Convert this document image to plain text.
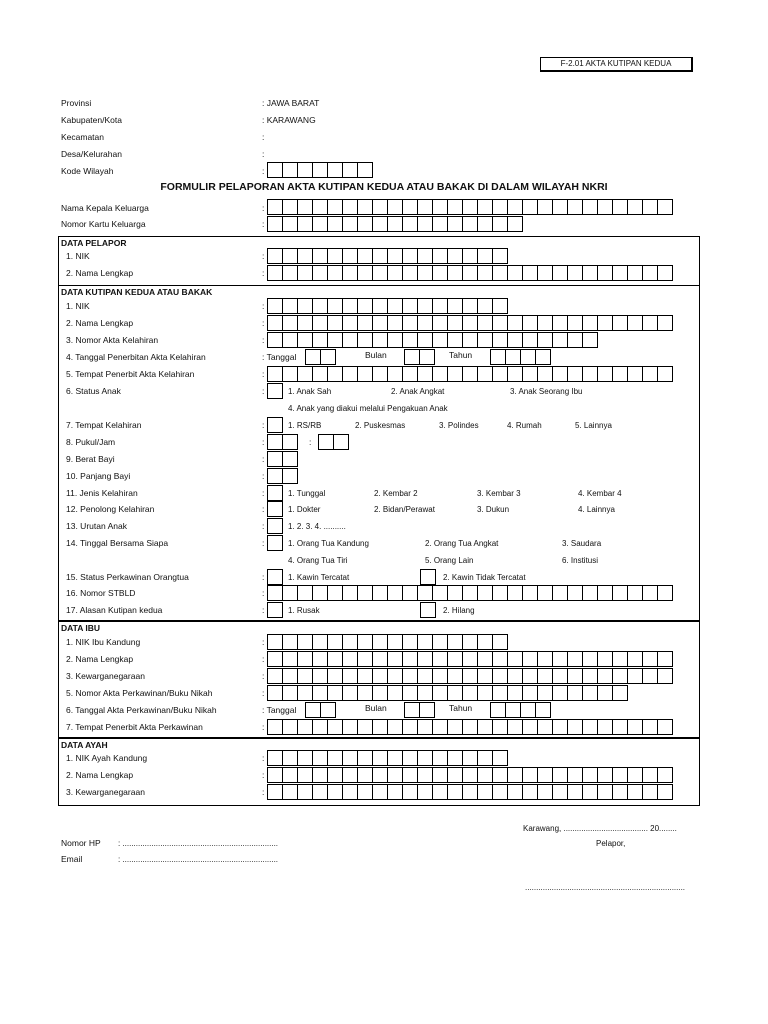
F-2.01 AKTA KUTIPAN KEDUA
Provinsi	: JAWA BARAT
Kabupaten/Kota	: KARAWANG
Kecamatan	:
Desa/Kelurahan	:
Kode Wilayah	:
FORMULIR PELAPORAN AKTA KUTIPAN KEDUA ATAU BAKAK DI DALAM WILAYAH NKRI
Nama Kepala Keluarga	:
Nomor Kartu Keluarga	:
DATA PELAPOR
1. NIK	:
2. Nama Lengkap	:
DATA KUTIPAN KEDUA ATAU BAKAK
1. NIK	:
2. Nama Lengkap	:
3. Nomor Akta Kelahiran	:
4. Tanggal Penerbitan Akta Kelahiran	: Tanggal	Bulan	Tahun
5. Tempat Penerbit Akta Kelahiran	:
6. Status Anak	:	1. Anak Sah	2. Anak Angkat	3. Anak Seorang Ibu
4. Anak yang diakui melalui Pengakuan Anak
7. Tempat Kelahiran	:	1. RS/RB	2. Puskesmas	3. Polindes	4. Rumah	5. Lainnya
8. Pukul/Jam	:	:
9. Berat Bayi	:
10. Panjang Bayi	:
11. Jenis Kelahiran	:	1. Tunggal	2. Kembar 2	3. Kembar 3	4. Kembar 4
12. Penolong Kelahiran	:	1. Dokter	2. Bidan/Perawat	3. Dukun	4. Lainnya
13. Urutan Anak	:	1. 2. 3. 4. ..........
14. Tinggal Bersama Siapa	:	1. Orang Tua Kandung	2. Orang Tua Angkat	3. Saudara
4. Orang Tua Tiri	5. Orang Lain	6. Institusi
15. Status Perkawinan Orangtua	:	1. Kawin Tercatat	2. Kawin Tidak Tercatat
16. Nomor STBLD	:
17. Alasan Kutipan kedua	:	1. Rusak	2. Hilang
DATA IBU
1. NIK Ibu Kandung	:
2. Nama Lengkap	:
3. Kewarganegaraan	:
5. Nomor Akta Perkawinan/Buku Nikah	:
6. Tanggal Akta Perkawinan/Buku Nikah	: Tanggal	Bulan	Tahun
7. Tempat Penerbit Akta Perkawinan	:
DATA AYAH
1. NIK Ayah Kandung	:
2. Nama Lengkap	:
3. Kewarganegaraan	:
Karawang, ...................................... 20........
Pelapor,
Nomor HP : ......................................................................
Email	: ......................................................................
........................................................................
